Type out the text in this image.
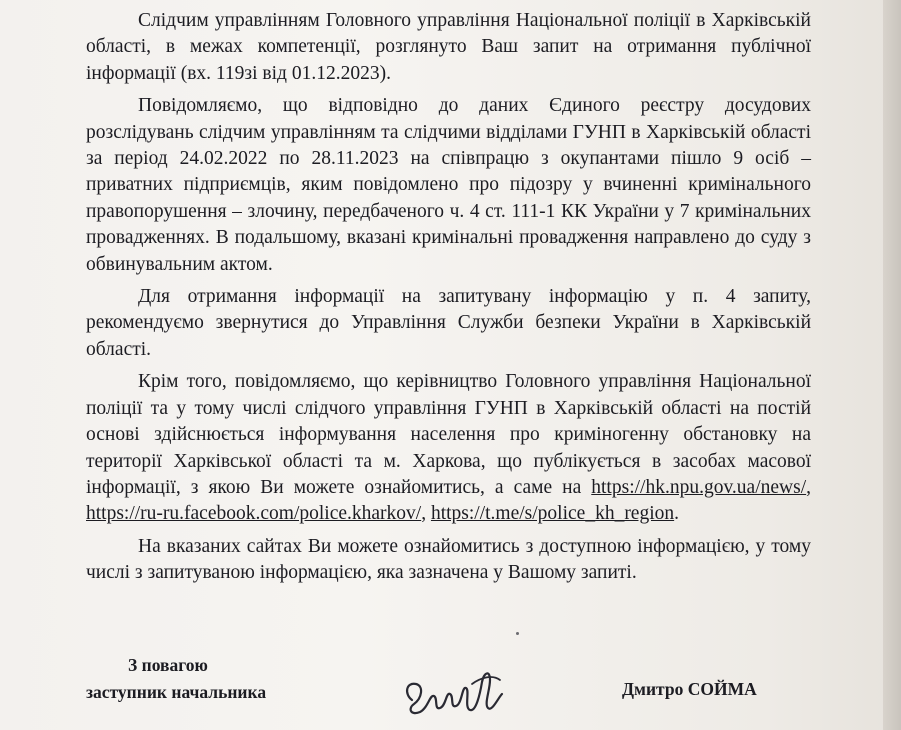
Слідчим управлінням Головного управління Національної поліції в Харківській області, в межах компетенції, розглянуто Ваш запит на отримання публічної інформації (вх. 119зі від 01.12.2023).

Повідомляємо, що відповідно до даних Єдиного реєстру досудових розслідувань слідчим управлінням та слідчими відділами ГУНП в Харківській області за період 24.02.2022 по 28.11.2023 на співпрацю з окупантами пішло 9 осіб – приватних підприємців, яким повідомлено про підозру у вчиненні кримінального правопорушення – злочину, передбаченого ч. 4 ст. 111-1 КК України у 7 кримінальних провадженнях. В подальшому, вказані кримінальні провадження направлено до суду з обвинувальним актом.

Для отримання інформації на запитувану інформацію у п. 4 запиту, рекомендуємо звернутися до Управління Служби безпеки України в Харківській області.

Крім того, повідомляємо, що керівництво Головного управління Національної поліції та у тому числі слідчого управління ГУНП в Харківській області на постій основі здійснюється інформування населення про криміногенну обстановку на території Харківської області та м. Харкова, що публікується в засобах масової інформації, з якою Ви можете ознайомитись, а саме на https://hk.npu.gov.ua/news/, https://ru-ru.facebook.com/police.kharkov/, https://t.me/s/police_kh_region.

На вказаних сайтах Ви можете ознайомитись з доступною інформацією, у тому числі з запитуваною інформацією, яка зазначена у Вашому запиті.

З повагою
заступник начальника	Дмитро СОЙМА
